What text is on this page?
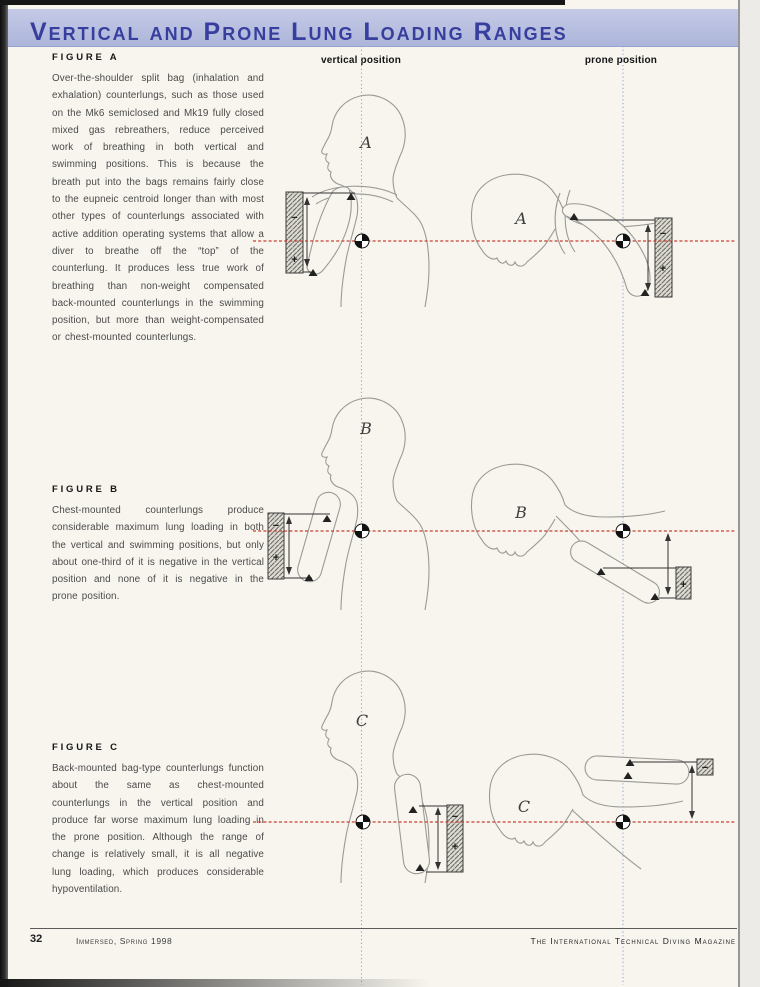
Vertical and Prone Lung Loading Ranges
vertical position	prone position
FIGURE A

Over-the-shoulder split bag (inhalation and exhalation) counterlungs, such as those used on the Mk6 semiclosed and Mk19 fully closed mixed gas rebreathers, reduce perceived work of breathing in both vertical and swimming positions. This is because the breath put into the bags remains fairly close to the eupneic centroid longer than with most other types of counterlungs associated with active addition operating systems that allow a diver to breathe off the “top” of the counterlung. It produces less true work of breathing than non-weight compensated back-mounted counterlungs in the swimming position, but more than weight-compensated or chest-mounted counterlungs.

FIGURE B

Chest-mounted counterlungs produce considerable maximum lung loading in both the vertical and swimming positions, but only about one-third of it is negative in the vertical position and none of it is negative in the prone position.

FIGURE C

Back-mounted bag-type counterlungs function about the same as chest-mounted counterlungs in the vertical position and produce far worse maximum lung loading in the prone position. Although the range of change is relatively small, it is all negative lung loading, which produces considerable hypoventilation.

−
+
A
−
+
A
−
+
B
+
B
−
+
C
−
C
32	Immersed, Spring 1998	The International Technical Diving Magazine
